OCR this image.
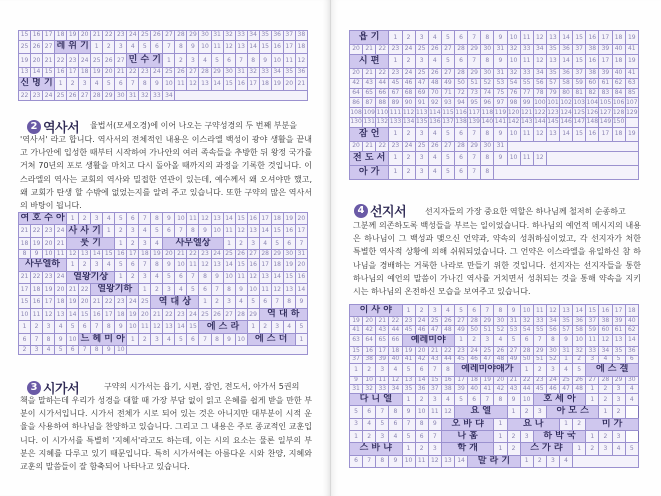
15	16	17	18	19	20	21	22	23	24	25	26	27	28	29	30	31	32	33	34	35	36	37	38
25	26	27	레 위 기			1	2	3	4	5	6	7	8	9	10	11	12	13	14	15	16	17	18
19	20	21	22	23	24	25	26	27	민 수 기			1	2	3	4	5	6	7	8	9	10	11	12
13	14	15	16	17	18	19	20	21	22	23	24	25	26	27	28	29	30	31	32	33	34	35	36
신 명 기			1	2	3	4	5	6	7	8	9	10	11	12	13	14	15	16	17	18	19	20	21
22	23	24	25	26	27	28	29	30	31	32	33	34											
2 역사서 율법서(모세오경)에 이어 나오는 구약성경의 두 번째 부분을

'역사서' 라고 합니다. 역사서의 전체적인 내용은 이스라엘 백성이 광야 생활을 끝내고 가나안에 입성한 때부터 시작하여 가나안의 여러 족속들을 추방한 뒤 왕정 국가를 거쳐 70년의 포로 생활을 마치고 다시 돌아올 때까지의 과정을 기록한 것입니다. 이스라엘의 역사는 교회의 역사와 밀접한 연관이 있는데, 예수께서 왜 오셔야만 했고, 왜 교회가 탄생 할 수밖에 없었는지를 알려 주고 있습니다. 또한 구약의 많은 역사서의 바탕이 됩니다.

여 호 수 아				1	2	3	4	5	6	7	8	9	10	11	12	13	14	15	16	17	18	19	20
21	22	23	24	사 사 기			1	2	3	4	5	6	7	8	9	10	11	12	13	14	15	16	17
18	19	20	21	룻 기				1	2	3	4	사무엘상					1	2	3	4	5	6	7
8	9	10	11	12	13	14	15	16	17	18	19	20	21	22	23	24	25	26	27	28	29	30	31
사무엘하				1	2	3	4	5	6	7	8	9	10	11	12	13	14	15	16	17	18	19	20
21	22	23	24	열왕기상				1	2	3	4	5	6	7	8	9	10	11	12	13	14	15	16
17	18	19	20	21	22	열왕기하				1	2	3	4	5	6	7	8	9	10	11	12	13	14
15	16	17	18	19	20	21	22	23	24	25	역 대 상				1	2	3	4	5	6	7	8	9
10	11	12	13	14	15	16	17	18	19	20	21	22	23	24	25	26	27	28	29	역 대 하			
1	2	3	4	5	6	7	8	9	10	11	12	13	14	15	에 스 라				1	2	3	4	5
6	7	8	9	10	느 헤 미 아				1	2	3	4	5	6	7	8	9	10	에 스 더				1
2	3	4	5	6	7	8	9	10															
3 시가서	구약의 시가서는 욥기, 시편, 잠언, 전도서, 아가서 5권의

책을 말하는데 우리가 성경을 대할 때 가장 부담 없이 읽고 은혜를 쉽게 받을 만한 부분이 시가서입니다. 시가서 전체가 시로 되어 있는 것은 아니지만 대부분이 시적 운율을 사용하여 하나님을 찬양하고 있습니다. 그리고 그 내용은 주로 종교적인 교훈입니다. 이 시가서를 특별히 '지혜서'라고도 하는데, 이는 시의 요소는 물론 일부의 부분은 지혜를 다루고 있기 때문입니다. 특히 시가서에는 아름다운 시와 찬양, 지혜와 교훈의 말씀들이 잘 함축되어 나타나고 있습니다.

욥 기			1	2	3	4	5	6	7	8	9	10	11	12	13	14	15	16	17	18	19
20	21	22	23	24	25	26	27	28	29	30	31	32	33	34	35	36	37	38	39	40	41
시 편			1	2	3	4	5	6	7	8	9	10	11	12	13	14	15	16	17	18	19
20	21	22	23	24	25	26	27	28	29	30	31	32	33	34	35	36	37	38	39	40	41
42	43	44	45	46	47	48	49	50	51	52	53	54	55	56	57	58	59	60	61	62	63
64	65	66	67	68	69	70	71	72	73	74	75	76	77	78	79	80	81	82	83	84	85
86	87	88	89	90	91	92	93	94	95	96	97	98	99	100	101	102	103	104	105	106	107
108	109	110	111	112	113	114	115	116	117	118	119	120	121	122	123	124	125	126	127	128	129
130	131	132	133	134	135	136	137	138	139	140	141	142	143	144	145	146	147	148	149	150	
잠 언			1	2	3	4	5	6	7	8	9	10	11	12	13	14	15	16	17	18	19
20	21	22	23	24	25	26	27	28	29	30	31										
전 도 서			1	2	3	4	5	6	7	8	9	10	11	12							
아 가			1	2	3	4	5	6	7	8											
4 선지서 선지자들의 가장 중요한 역할은 하나님께 철저히 순종하고

그분께 의존하도록 백성들을 부르는 일이었습니다. 하나님의 예언적 메시지의 내용은 하나님이 그 백성과 맺으신 언약과, 약속의 성취하심이었고, 각 선지자가 처한 특별한 역사적 상황에 의해 쉬워되었습니다. 그 언약은 이스라엘을 유일하신 참 하나님을 경배하는 거룩한 나라로 만들기 위한 것입니다. 선지자는 선지자들을 통한 하나님의 예언의 말씀이 가나긴 역사를 거치면서 성취되는 것을 통해 약속을 지키시는 하나님의 온전하신 모습을 보여주고 있습니다.

이 사 야				1	2	3	4	5	6	7	8	9	10	11	12	13	14	15	16	17	18
19	20	21	22	23	24	25	26	27	28	29	30	31	32	33	34	35	36	37	38	39	40
41	42	43	44	45	46	47	48	49	50	51	52	53	54	55	56	57	58	59	60	61	62
63	64	65	66	예레미야				1	2	3	4	5	6	7	8	9	10	11	12	13	14
15	16	17	18	19	20	21	22	23	24	25	26	27	28	29	30	31	32	33	34	35	36
37	38	39	40	41	42	43	44	45	46	47	48	49	50	51	52	1	2	3	4	5	6
1	2	3	4	5	6	7	8	예레미야애가					1	2	3	4	5	에 스 겔			
9	10	11	12	13	14	15	16	17	18	19	20	21	22	23	24	25	26	27	28	29	30
31	32	33	34	35	36	37	38	39	40	41	42	43	44	45	46	47	48	1	2	3	4
다 니 엘				1	2	3	4	5	6	7	8	9	10	호 세 아				1	2	3	4
5	6	7	8	9	10	11	12	요 엘				1	2	3	아 모 스				1	2	
3	4	5	6	7	8	9	오 바 댜				1	요 나				1	2	미 가			
1	2	3	4	5	6	7	나 훔				1	2	3	하 박 국				1	2	3	
스 바 냐				1	2	3	학 개				1	2	스 가 랴				1	2	3	4	5
6	7	8	9	10	11	12	13	14	말 라 기				1	2	3	4					
